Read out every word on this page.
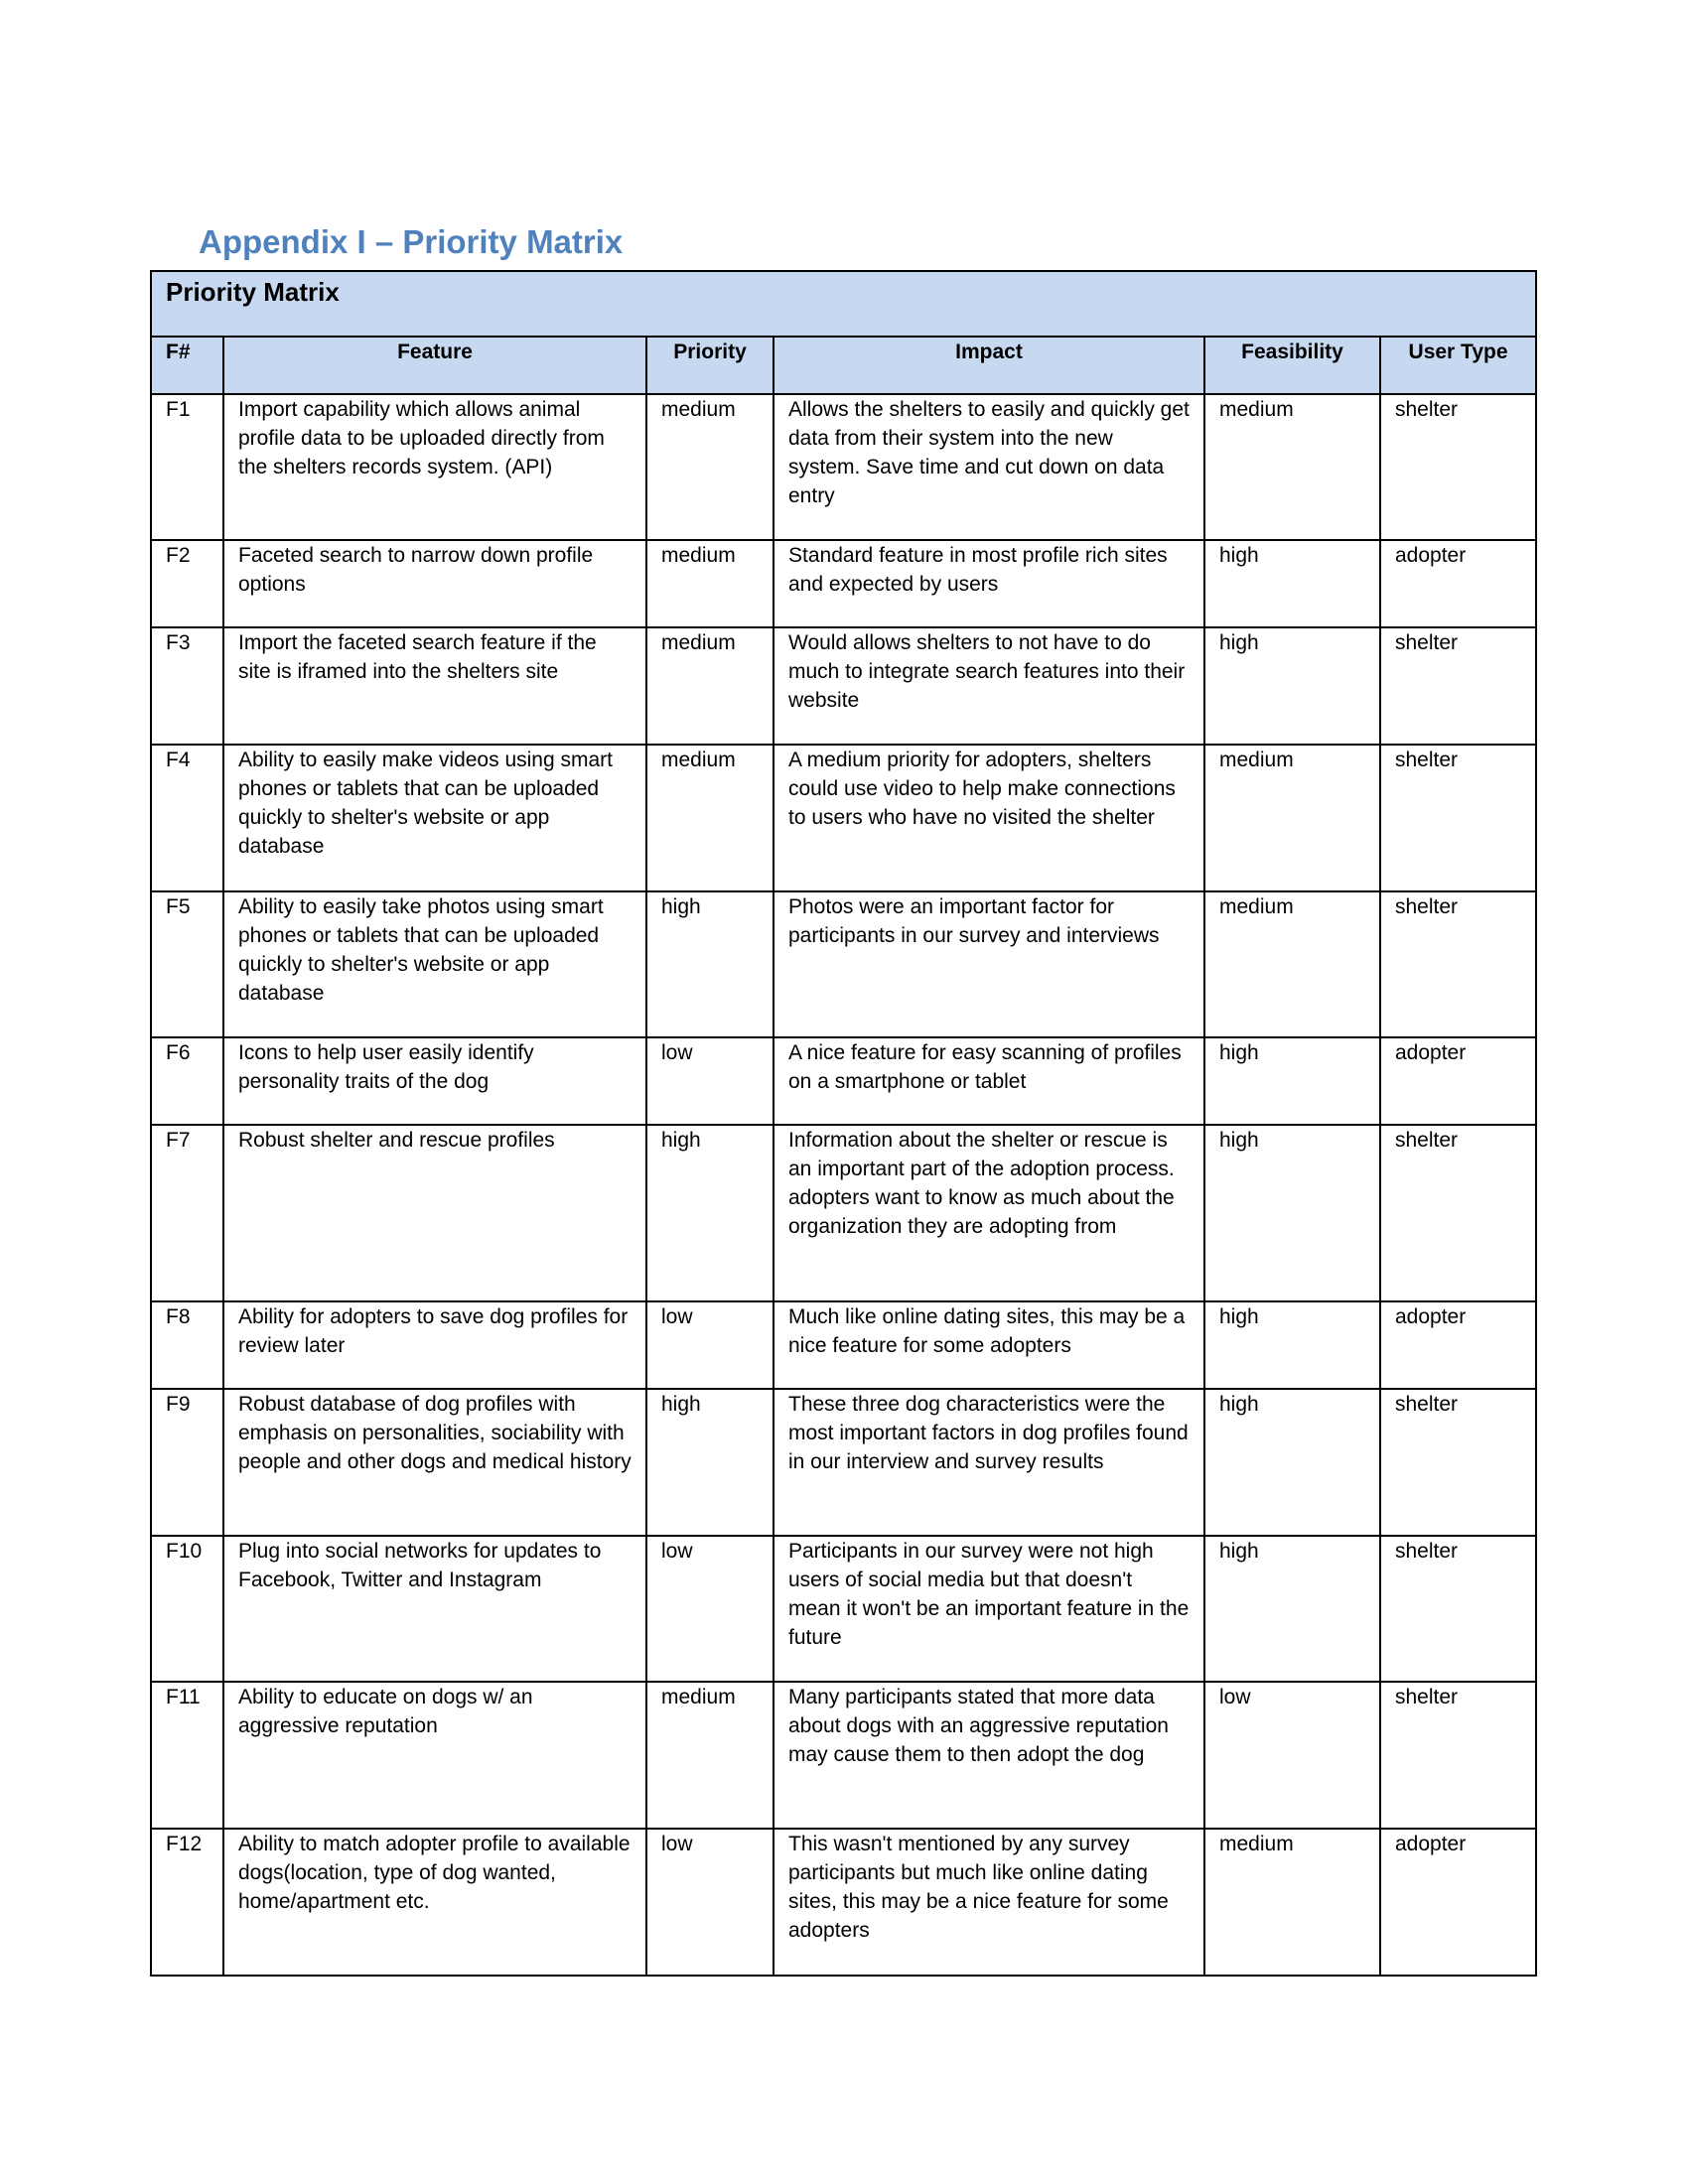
Appendix I – Priority Matrix
Priority Matrix					

F#	Feature	Priority	Impact	Feasibility	User Type
F1	Import capability which allows animal profile data to be uploaded directly from the shelters records system. (API)	medium	Allows the shelters to easily and quickly get data from their system into the new system. Save time and cut down on data entry	medium	shelter
F2	Faceted search to narrow down profile options	medium	Standard feature in most profile rich sites and expected by users	high	adopter
F3	Import the faceted search feature if the site is iframed into the shelters site	medium	Would allows shelters to not have to do much to integrate search features into their website	high	shelter
F4	Ability to easily make videos using smart phones or tablets that can be uploaded quickly to shelter's website or app database	medium	A medium priority for adopters, shelters could use video to help make connections to users who have no visited the shelter	medium	shelter
F5	Ability to easily take photos using smart phones or tablets that can be uploaded quickly to shelter's website or app database	high	Photos were an important factor for participants in our survey and interviews	medium	shelter
F6	Icons to help user easily identify personality traits of the dog	low	A nice feature for easy scanning of profiles on a smartphone or tablet	high	adopter
F7	Robust shelter and rescue profiles	high	Information about the shelter or rescue is an important part of the adoption process. adopters want to know as much about the organization they are adopting from	high	shelter
F8	Ability for adopters to save dog profiles for review later	low	Much like online dating sites, this may be a nice feature for some adopters	high	adopter
F9	Robust database of dog profiles with emphasis on personalities, sociability with people and other dogs and medical history	high	These three dog characteristics were the most important factors in dog profiles found in our interview and survey results	high	shelter
F10	Plug into social networks for updates to Facebook, Twitter and Instagram	low	Participants in our survey were not high users of social media but that doesn't mean it won't be an important feature in the future	high	shelter
F11	Ability to educate on dogs w/ an aggressive reputation	medium	Many participants stated that more data about dogs with an aggressive reputation may cause them to then adopt the dog	low	shelter
F12	Ability to match adopter profile to available dogs(location, type of dog wanted, home/apartment etc.	low	This wasn't mentioned by any survey participants but much like online dating sites, this may be a nice feature for some adopters	medium	adopter
